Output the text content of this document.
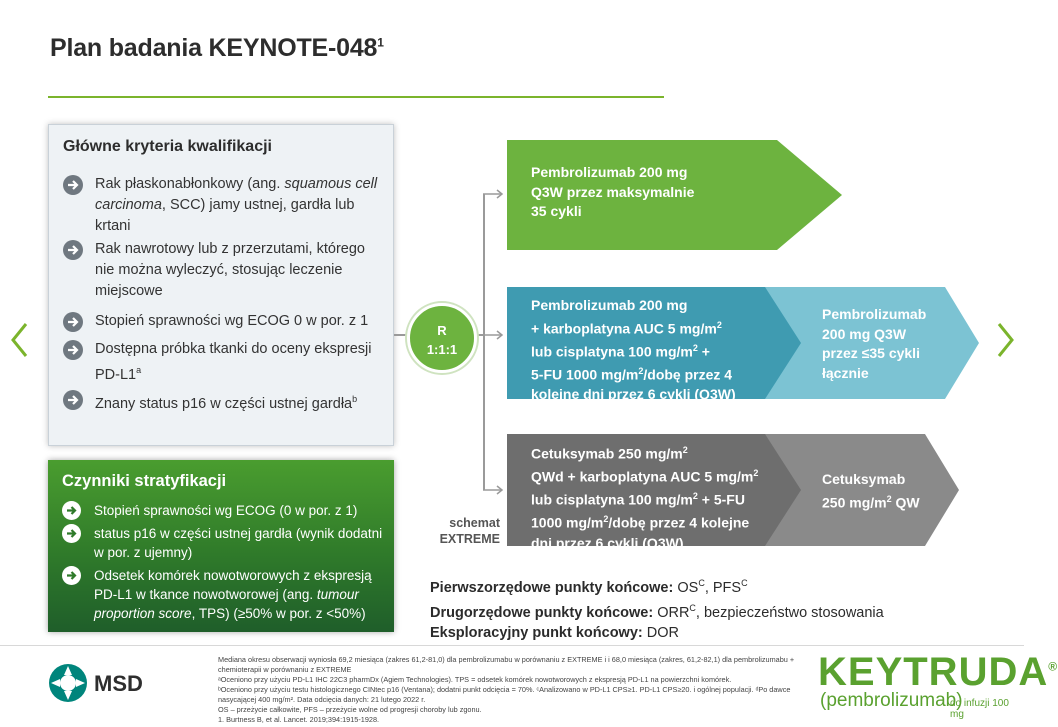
Plan badania KEYNOTE-$048^1$
Główne kryteria kwalifikacji
Rak płaskonabłonkowy (ang. squamous cell carcinoma, SCC) jamy ustnej, gardła lub krtani
Rak nawrotowy lub z przerzutami, którego nie można wyleczyć, stosując leczenie miejscowe
Stopień sprawności wg ECOG 0 w por. z 1
Dostępna próbka tkanki do oceny ekspresji PD-L1$^a$
Znany status p16 w części ustnej gardła$^b$
Czynniki stratyfikacji
Stopień sprawności wg ECOG (0 w por. z 1)
status p16 w części ustnej gardła (wynik dodatni w por. z ujemny)
Odsetek komórek nowotworowych z ekspresją PD-L1 w tkance nowotworowej (ang. tumour proportion score, TPS) (≥50% w por. z <50%)
R
1:1:1
Pembrolizumab 200 mg
Q3W przez maksymalnie
35 cykli
Pembrolizumab 200 mg
+ karboplatyna AUC 5 $mg/m^2$
lub cisplatyna 100 $mg/m^2$ +
5-FU 1000 $mg/m^2$/dobę przez 4
kolejne dni przez 6 cykli (Q3W)
Pembrolizumab
200 mg Q3W
przez ≤35 cykli
łącznie
Cetuksymab 250 $mg/m^2$
QWd + karboplatyna AUC 5 $mg/m^2$
lub cisplatyna 100 $mg/m^2 + 5-FU$
1000 $mg/m^2$/dobę przez 4 kolejne
dni przez 6 cykli (Q3W)
Cetuksymab
250 $mg/m^2$ QW
schemat
EXTREME
Pierwszorzędowe punkty końcowe: $OS^C$, $PFS^C$
Drugorzędowe punkty końcowe: $ORR^C$, bezpieczeństwo stosowania
Eksploracyjny punkt końcowy: DOR
MSD
Mediana okresu obserwacji wyniosła 69,2 miesiąca (zakres 61,2-81,0) dla pembrolizumabu w porównaniu z EXTREME i i 68,0 miesiąca (zakres, 61,2-82,1) dla pembrolizumabu + chemioterapii w porównaniu z EXTREME
ᵃOceniono przy użyciu PD-L1 IHC 22C3 pharmDx (Agiem Technologies). TPS = odsetek komórek nowotworowych z ekspresją PD-L1 na powierzchni komórek.
ᵇOceniono przy użyciu testu histologicznego CINtec p16 (Ventana); dodatni punkt odcięcia = 70%. ᶜAnalizowano w PD-L1 CPS≥1. PD-L1 CPS≥20. i ogólnej populacji. ᵈPo dawce nasycającej 400 mg/m². Data odcięcia danych: 21 lutego 2022 r.
OS – przeżycie całkowite, PFS – przeżycie wolne od progresji choroby lub zgonu.
1. Burtness B, et al. Lancet. 2019;394:1915-1928.
KEYTRUDA®
(pembrolizumab)
do infuzji 100 mg
